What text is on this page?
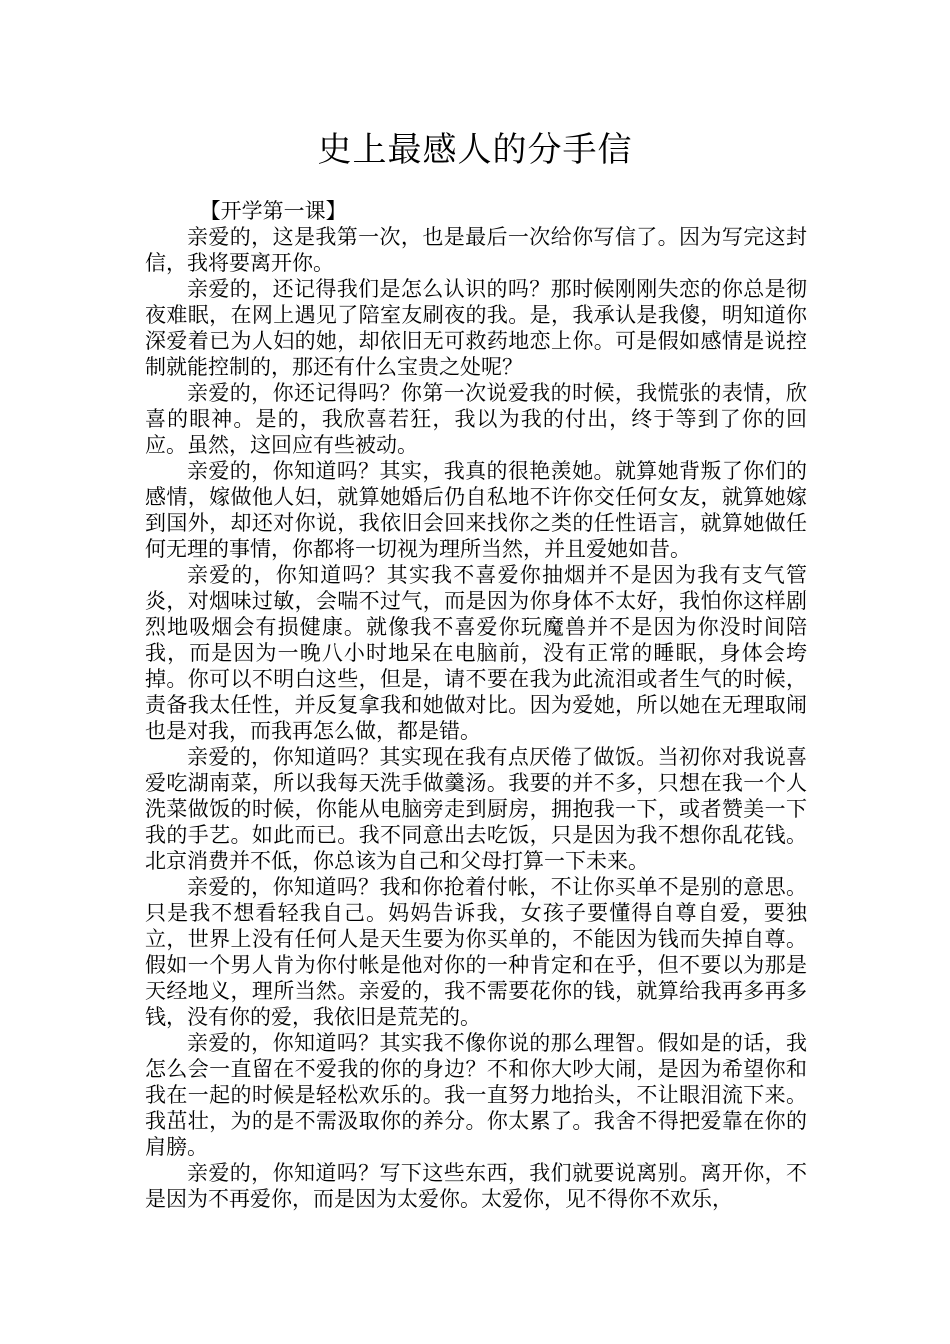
史上最感人的分手信

【开学第一课】

亲爱的，这是我第一次，也是最后一次给你写信了。因为写完这封信，我将要离开你。

亲爱的，还记得我们是怎么认识的吗？那时候刚刚失恋的你总是彻夜难眠，在网上遇见了陪室友刷夜的我。是，我承认是我傻，明知道你深爱着已为人妇的她，却依旧无可救药地恋上你。可是假如感情是说控制就能控制的，那还有什么宝贵之处呢？

亲爱的，你还记得吗？你第一次说爱我的时候，我慌张的表情，欣喜的眼神。是的，我欣喜若狂，我以为我的付出，终于等到了你的回应。虽然，这回应有些被动。

亲爱的，你知道吗？其实，我真的很艳羡她。就算她背叛了你们的感情，嫁做他人妇，就算她婚后仍自私地不许你交任何女友，就算她嫁到国外，却还对你说，我依旧会回来找你之类的任性语言，就算她做任何无理的事情，你都将一切视为理所当然，并且爱她如昔。

亲爱的，你知道吗？其实我不喜爱你抽烟并不是因为我有支气管炎，对烟味过敏，会喘不过气，而是因为你身体不太好，我怕你这样剧烈地吸烟会有损健康。就像我不喜爱你玩魔兽并不是因为你没时间陪我，而是因为一晚八小时地呆在电脑前，没有正常的睡眠，身体会垮掉。你可以不明白这些，但是，请不要在我为此流泪或者生气的时候，责备我太任性，并反复拿我和她做对比。因为爱她，所以她在无理取闹也是对我，而我再怎么做，都是错。

亲爱的，你知道吗？其实现在我有点厌倦了做饭。当初你对我说喜爱吃湖南菜，所以我每天洗手做羹汤。我要的并不多，只想在我一个人洗菜做饭的时候，你能从电脑旁走到厨房，拥抱我一下，或者赞美一下我的手艺。如此而已。我不同意出去吃饭，只是因为我不想你乱花钱。北京消费并不低，你总该为自己和父母打算一下未来。

亲爱的，你知道吗？我和你抢着付帐，不让你买单不是别的意思。只是我不想看轻我自己。妈妈告诉我，女孩子要懂得自尊自爱，要独立，世界上没有任何人是天生要为你买单的，不能因为钱而失掉自尊。假如一个男人肯为你付帐是他对你的一种肯定和在乎，但不要以为那是天经地义，理所当然。亲爱的，我不需要花你的钱，就算给我再多再多钱，没有你的爱，我依旧是荒芜的。

亲爱的，你知道吗？其实我不像你说的那么理智。假如是的话，我怎么会一直留在不爱我的你的身边？不和你大吵大闹，是因为希望你和我在一起的时候是轻松欢乐的。我一直努力地抬头，不让眼泪流下来。我茁壮，为的是不需汲取你的养分。你太累了。我舍不得把爱靠在你的肩膀。

亲爱的，你知道吗？写下这些东西，我们就要说离别。离开你，不是因为不再爱你，而是因为太爱你。太爱你，见不得你不欢乐，
